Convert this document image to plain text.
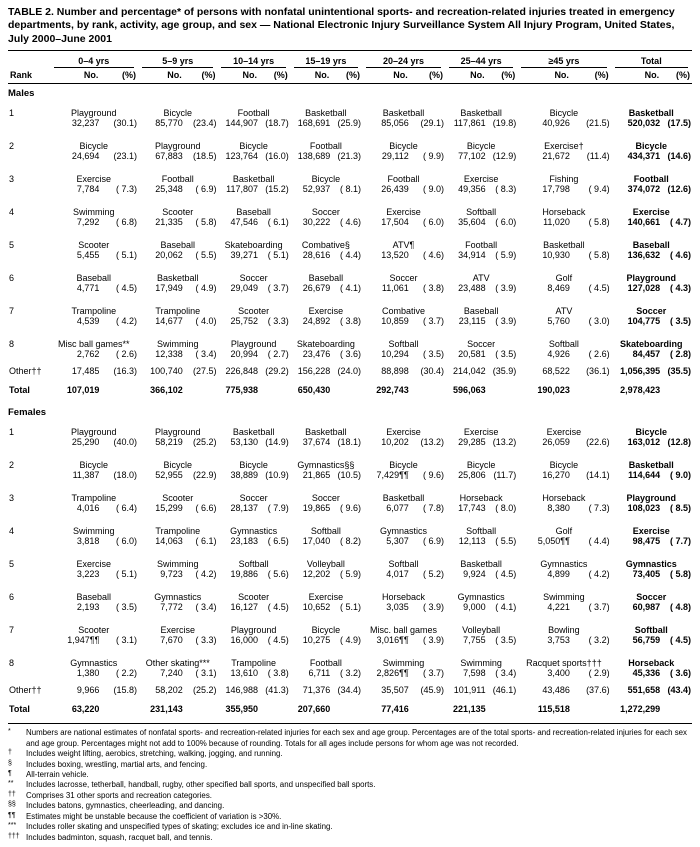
TABLE 2. Number and percentage* of persons with nonfatal unintentional sports- and recreation-related injuries treated in emergency departments, by rank, activity, age group, and sex — National Electronic Injury Surveillance System All Injury Program, United States, July 2000–June 2001

	0–4 yrs		5–9 yrs		10–14 yrs		15–19 yrs		20–24 yrs		25–44 yrs		≥45 yrs		Total	

Rank	No.	(%)	No.	(%)	No.	(%)	No.	(%)	No.	(%)	No.	(%)	No.	(%)	No.	(%)
Males																
1	Playground		Bicycle		Football		Basketball		Basketball		Basketball		Bicycle		Basketball	
	32,237	(30.1)	85,770	(23.4)	144,907	(18.7)	168,691	(25.9)	85,056	(29.1)	117,861	(19.8)	40,926	(21.5)	520,032	(17.5)
2	Bicycle		Playground		Bicycle		Football		Bicycle		Bicycle		Exercise†		Bicycle	
	24,694	(23.1)	67,883	(18.5)	123,764	(16.0)	138,689	(21.3)	29,112	( 9.9)	77,102	(12.9)	21,672	(11.4)	434,371	(14.6)
3	Exercise		Football		Basketball		Bicycle		Football		Exercise		Fishing		Football	
	7,784	( 7.3)	25,348	( 6.9)	117,807	(15.2)	52,937	( 8.1)	26,439	( 9.0)	49,356	( 8.3)	17,798	( 9.4)	374,072	(12.6)
4	Swimming		Scooter		Baseball		Soccer		Exercise		Softball		Horseback		Exercise	
	7,292	( 6.8)	21,335	( 5.8)	47,546	( 6.1)	30,222	( 4.6)	17,504	( 6.0)	35,604	( 6.0)	11,020	( 5.8)	140,661	( 4.7)
5	Scooter		Baseball		Skateboarding		Combative§		ATV¶		Football		Basketball		Baseball	
	5,455	( 5.1)	20,062	( 5.5)	39,271	( 5.1)	28,616	( 4.4)	13,520	( 4.6)	34,914	( 5.9)	10,930	( 5.8)	136,632	( 4.6)
6	Baseball		Basketball		Soccer		Baseball		Soccer		ATV		Golf		Playground	
	4,771	( 4.5)	17,949	( 4.9)	29,049	( 3.7)	26,679	( 4.1)	11,061	( 3.8)	23,488	( 3.9)	8,469	( 4.5)	127,028	( 4.3)
7	Trampoline		Trampoline		Scooter		Exercise		Combative		Baseball		ATV		Soccer	
	4,539	( 4.2)	14,677	( 4.0)	25,752	( 3.3)	24,892	( 3.8)	10,859	( 3.7)	23,115	( 3.9)	5,760	( 3.0)	104,775	( 3.5)
8	Misc ball games**		Swimming		Playground		Skateboarding		Softball		Soccer		Softball		Skateboarding	
	2,762	( 2.6)	12,338	( 3.4)	20,994	( 2.7)	23,476	( 3.6)	10,294	( 3.5)	20,581	( 3.5)	4,926	( 2.6)	84,457	( 2.8)
Other††	17,485	(16.3)	100,740	(27.5)	226,848	(29.2)	156,228	(24.0)	88,898	(30.4)	214,042	(35.9)	68,522	(36.1)	1,056,395	(35.5)
Total	107,019		366,102		775,938		650,430		292,743		596,063		190,023		2,978,423	
Females																
1	Playground		Playground		Basketball		Basketball		Exercise		Exercise		Exercise		Bicycle	
	25,290	(40.0)	58,219	(25.2)	53,130	(14.9)	37,674	(18.1)	10,202	(13.2)	29,285	(13.2)	26,059	(22.6)	163,012	(12.8)
2	Bicycle		Bicycle		Bicycle		Gymnastics§§		Bicycle		Bicycle		Bicycle		Basketball	
	11,387	(18.0)	52,955	(22.9)	38,889	(10.9)	21,865	(10.5)	7,429¶¶	( 9.6)	25,806	(11.7)	16,270	(14.1)	114,644	( 9.0)
3	Trampoline		Scooter		Soccer		Soccer		Basketball		Horseback		Horseback		Playground	
	4,016	( 6.4)	15,299	( 6.6)	28,137	( 7.9)	19,865	( 9.6)	6,077	( 7.8)	17,743	( 8.0)	8,380	( 7.3)	108,023	( 8.5)
4	Swimming		Trampoline		Gymnastics		Softball		Gymnastics		Softball		Golf		Exercise	
	3,818	( 6.0)	14,063	( 6.1)	23,183	( 6.5)	17,040	( 8.2)	5,307	( 6.9)	12,113	( 5.5)	5,050¶¶	( 4.4)	98,475	( 7.7)
5	Exercise		Swimming		Softball		Volleyball		Softball		Basketball		Gymnastics		Gymnastics	
	3,223	( 5.1)	9,723	( 4.2)	19,886	( 5.6)	12,202	( 5.9)	4,017	( 5.2)	9,924	( 4.5)	4,899	( 4.2)	73,405	( 5.8)
6	Baseball		Gymnastics		Scooter		Exercise		Horseback		Gymnastics		Swimming		Soccer	
	2,193	( 3.5)	7,772	( 3.4)	16,127	( 4.5)	10,652	( 5.1)	3,035	( 3.9)	9,000	( 4.1)	4,221	( 3.7)	60,987	( 4.8)
7	Scooter		Exercise		Playground		Bicycle		Misc. ball games		Volleyball		Bowling		Softball	
	1,947¶¶	( 3.1)	7,670	( 3.3)	16,000	( 4.5)	10,275	( 4.9)	3,016¶¶	( 3.9)	7,755	( 3.5)	3,753	( 3.2)	56,759	( 4.5)
8	Gymnastics		Other skating***		Trampoline		Football		Swimming		Swimming		Racquet sports†††		Horseback	
	1,380	( 2.2)	7,240	( 3.1)	13,610	( 3.8)	6,711	( 3.2)	2,826¶¶	( 3.7)	7,598	( 3.4)	3,400	( 2.9)	45,336	( 3.6)
Other††	9,966	(15.8)	58,202	(25.2)	146,988	(41.3)	71,376	(34.4)	35,507	(45.9)	101,911	(46.1)	43,486	(37.6)	551,658	(43.4)
Total	63,220		231,143		355,950		207,660		77,416		221,135		115,518		1,272,299	
*	Numbers are national estimates of nonfatal sports- and recreation-related injuries for each sex and age group. Percentages are of the total sports- and recreation-related injuries for each sex and age group. Percentages might not add to 100% because of rounding. Totals for all ages include persons for whom age was not recorded.
†	Includes weight lifting, aerobics, stretching, walking, jogging, and running.
§	Includes boxing, wrestling, martial arts, and fencing.
¶	All-terrain vehicle.
**	Includes lacrosse, tetherball, handball, rugby, other specified ball sports, and unspecified ball sports.
††	Comprises 31 other sports and recreation categories.
§§	Includes batons, gymnastics, cheerleading, and dancing.
¶¶	Estimates might be unstable because the coefficient of variation is >30%.
***	Includes roller skating and unspecified types of skating; excludes ice and in-line skating.
††† Includes badminton, squash, racquet ball, and tennis.
